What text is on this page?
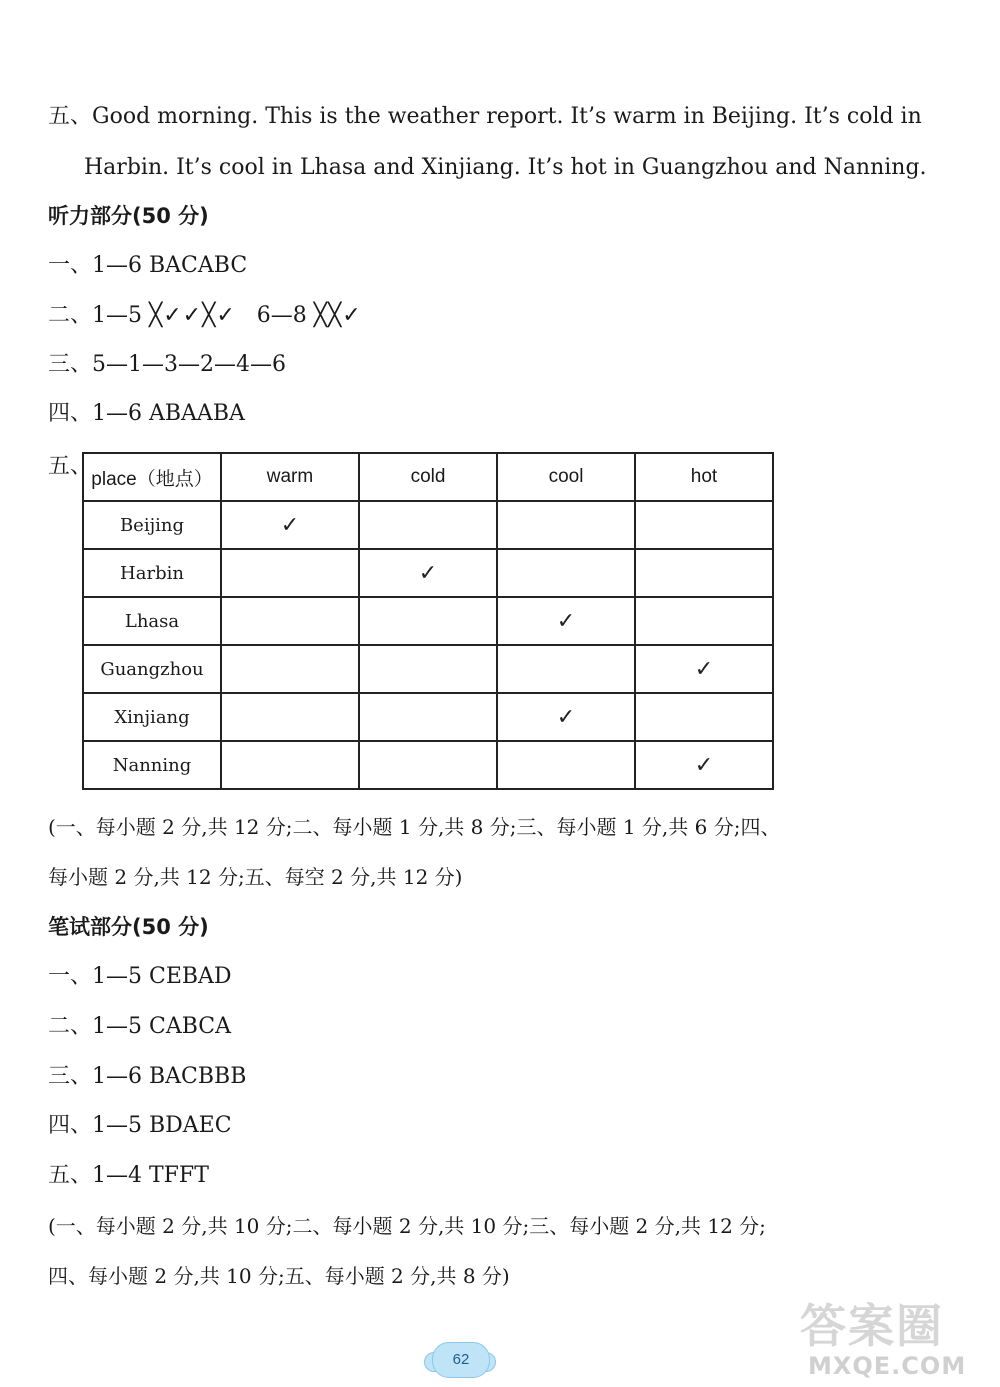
五、Good morning. This is the weather report. It’s warm in Beijing. It’s cold in
Harbin. It’s cool in Lhasa and Xinjiang. It’s hot in Guangzhou and Nanning.
听力部分(50 分)
一、1—6 BACABC
二、1—5 ╳✓✓╳✓ 6—8 ╳╳✓
三、5—1—3—2—4—6
四、1—6 ABAABA
五、 place（地点）	warm	cold	cool	hot
Beijing	✓			
Harbin		✓		
Lhasa			✓	
Guangzhou				✓
Xinjiang			✓	
Nanning				✓
(一、每小题 2 分,共 12 分;二、每小题 1 分,共 8 分;三、每小题 1 分,共 6 分;四、
每小题 2 分,共 12 分;五、每空 2 分,共 12 分)
笔试部分(50 分)
一、1—5 CEBAD
二、1—5 CABCA
三、1—6 BACBBB
四、1—5 BDAEC
五、1—4 TFFT
(一、每小题 2 分,共 10 分;二、每小题 2 分,共 10 分;三、每小题 2 分,共 12 分;
四、每小题 2 分,共 10 分;五、每小题 2 分,共 8 分)
62
答案圈
MXQE.COM
